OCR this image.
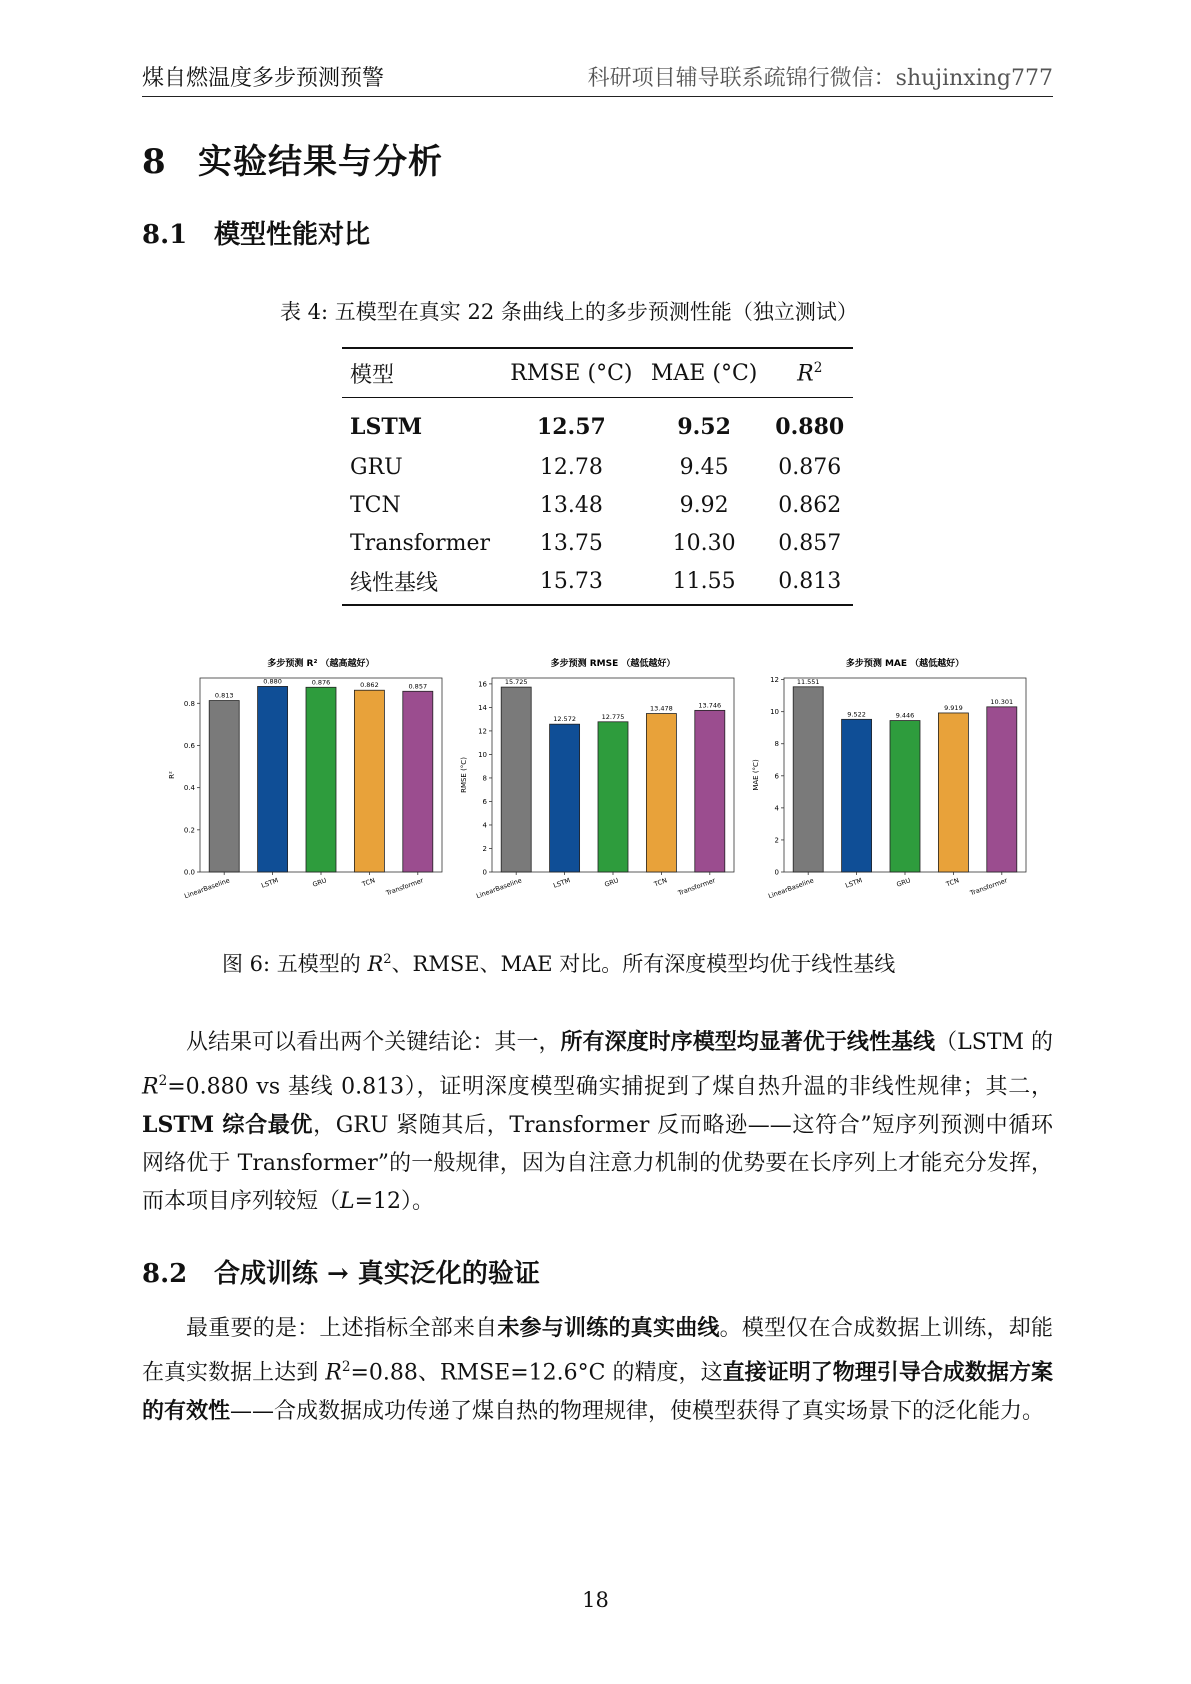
煤自燃温度多步预测预警	科研项目辅导联系疏锦行微信：shujinxing777
8 实验结果与分析
8.1 模型性能对比
表 4: 五模型在真实 22 条曲线上的多步预测性能（独立测试）
模型	RMSE (°C)	MAE (°C)	$R^2$
LSTM	12.57	9.52	0.880
GRU	12.78	9.45	0.876
TCN	13.48	9.92	0.862
Transformer	13.75	10.30	0.857
线性基线	15.73	11.55	0.813
多步预测 R² （越高越好）
0.0
0.2
0.4
0.6
0.8
R²
0.813
LinearBaseline
0.880
LSTM
0.876
GRU
0.862
TCN
0.857
Transformer
多步预测 RMSE （越低越好）
0
2
4
6
8
10
12
14
16
RMSE (°C)
15.725
LinearBaseline
12.572
LSTM
12.775
GRU
13.478
TCN
13.746
Transformer
多步预测 MAE （越低越好）
0
2
4
6
8
10
12
MAE (°C)
11.551
LinearBaseline
9.522
LSTM
9.446
GRU
9.919
TCN
10.301
Transformer
图 6: 五模型的 $R^2$、RMSE、MAE 对比。所有深度模型均优于线性基线

从结果可以看出两个关键结论：其一，所有深度时序模型均显著优于线性基线（LSTM 的 $R^2=0.880$ vs 基线 0.813），证明深度模型确实捕捉到了煤自热升温的非线性规律；其二，LSTM 综合最优，GRU 紧随其后，Transformer 反而略逊——这符合”短序列预测中循环网络优于 Transformer”的一般规律，因为自注意力机制的优势要在长序列上才能充分发挥，而本项目序列较短（L=12）。

8.2 合成训练 → 真实泛化的验证

最重要的是：上述指标全部来自未参与训练的真实曲线。模型仅在合成数据上训练，却能在真实数据上达到 $R^2=0.88$、RMSE=12.6°C 的精度，这直接证明了物理引导合成数据方案的有效性——合成数据成功传递了煤自热的物理规律，使模型获得了真实场景下的泛化能力。

18
